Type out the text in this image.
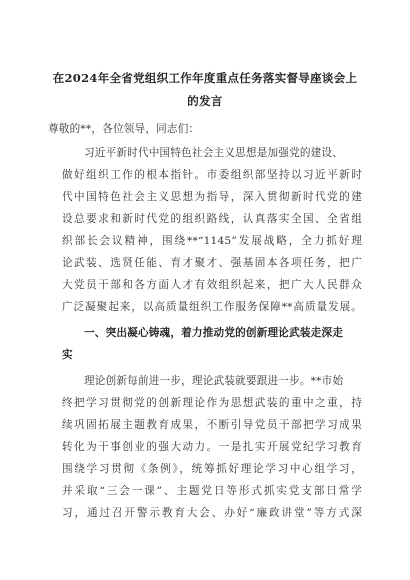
在2024年全省党组织工作年度重点任务落实督导座谈会上
的发言
尊敬的**，各位领导，同志们：
习近平新时代中国特色社会主义思想是加强党的建设、
做好组织工作的根本指针。市委组织部坚持以习近平新时
代中国特色社会主义思想为指导，深入贯彻新时代党的建
设总要求和新时代党的组织路线，认真落实全国、全省组
织部长会议精神，围绕**“1145”发展战略，全力抓好理
论武装、选贤任能、育才聚才、强基固本各项任务，把广
大党员干部和各方面人才有效组织起来，把广大人民群众
广泛凝聚起来，以高质量组织工作服务保障**高质量发展。
一、突出凝心铸魂，着力推动党的创新理论武装走深走
实
理论创新每前进一步，理论武装就要跟进一步。**市始
终把学习贯彻党的创新理论作为思想武装的重中之重，持
续巩固拓展主题教育成果，不断引导党员干部把学习成果
转化为干事创业的强大动力。一是扎实开展党纪学习教育
围绕学习贯彻《条例》，统筹抓好理论学习中心组学习，
并采取“三会一课”、主题党日等形式抓实党支部日常学
习，通过召开警示教育大会、办好“廉政讲堂”等方式深
